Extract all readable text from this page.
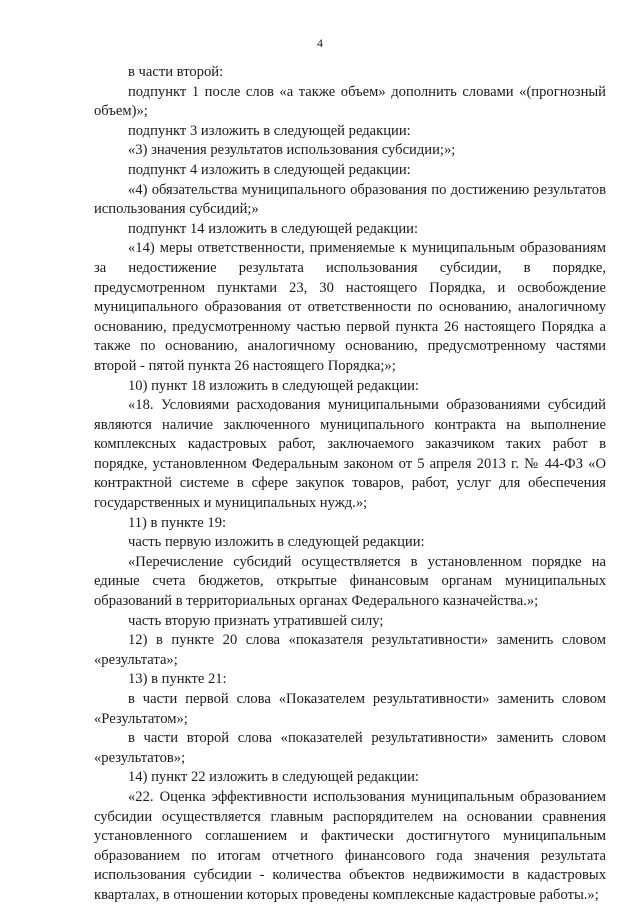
4

в части второй:

подпункт 1 после слов «а также объем» дополнить словами «(прогнозный объем)»;

подпункт 3 изложить в следующей редакции:

«3) значения результатов использования субсидии;»;

подпункт 4 изложить в следующей редакции:

«4) обязательства муниципального образования по достижению результатов использования субсидий;»

подпункт 14 изложить в следующей редакции:

«14) меры ответственности, применяемые к муниципальным образованиям за недостижение результата использования субсидии, в порядке, предусмотренном пунктами 23, 30 настоящего Порядка, и освобождение муниципального образования от ответственности по основанию, аналогичному основанию, предусмотренному частью первой пункта 26 настоящего Порядка а также по основанию, аналогичному основанию, предусмотренному частями второй - пятой пункта 26 настоящего Порядка;»;

10) пункт 18 изложить в следующей редакции:

«18. Условиями расходования муниципальными образованиями субсидий являются наличие заключенного муниципального контракта на выполнение комплексных кадастровых работ, заключаемого заказчиком таких работ в порядке, установленном Федеральным законом от 5 апреля 2013 г. № 44-ФЗ «О контрактной системе в сфере закупок товаров, работ, услуг для обеспечения государственных и муниципальных нужд.»;

11) в пункте 19:

часть первую изложить в следующей редакции:

«Перечисление субсидий осуществляется в установленном порядке на единые счета бюджетов, открытые финансовым органам муниципальных образований в территориальных органах Федерального казначейства.»;

часть вторую признать утратившей силу;

12) в пункте 20 слова «показателя результативности» заменить словом «результата»;

13) в пункте 21:

в части первой слова «Показателем результативности» заменить словом «Результатом»;

в части второй слова «показателей результативности» заменить словом «результатов»;

14) пункт 22 изложить в следующей редакции:

«22. Оценка эффективности использования муниципальным образованием субсидии осуществляется главным распорядителем на основании сравнения установленного соглашением и фактически достигнутого муниципальным образованием по итогам отчетного финансового года значения результата использования субсидии - количества объектов недвижимости в кадастровых кварталах, в отношении которых проведены комплексные кадастровые работы.»;
